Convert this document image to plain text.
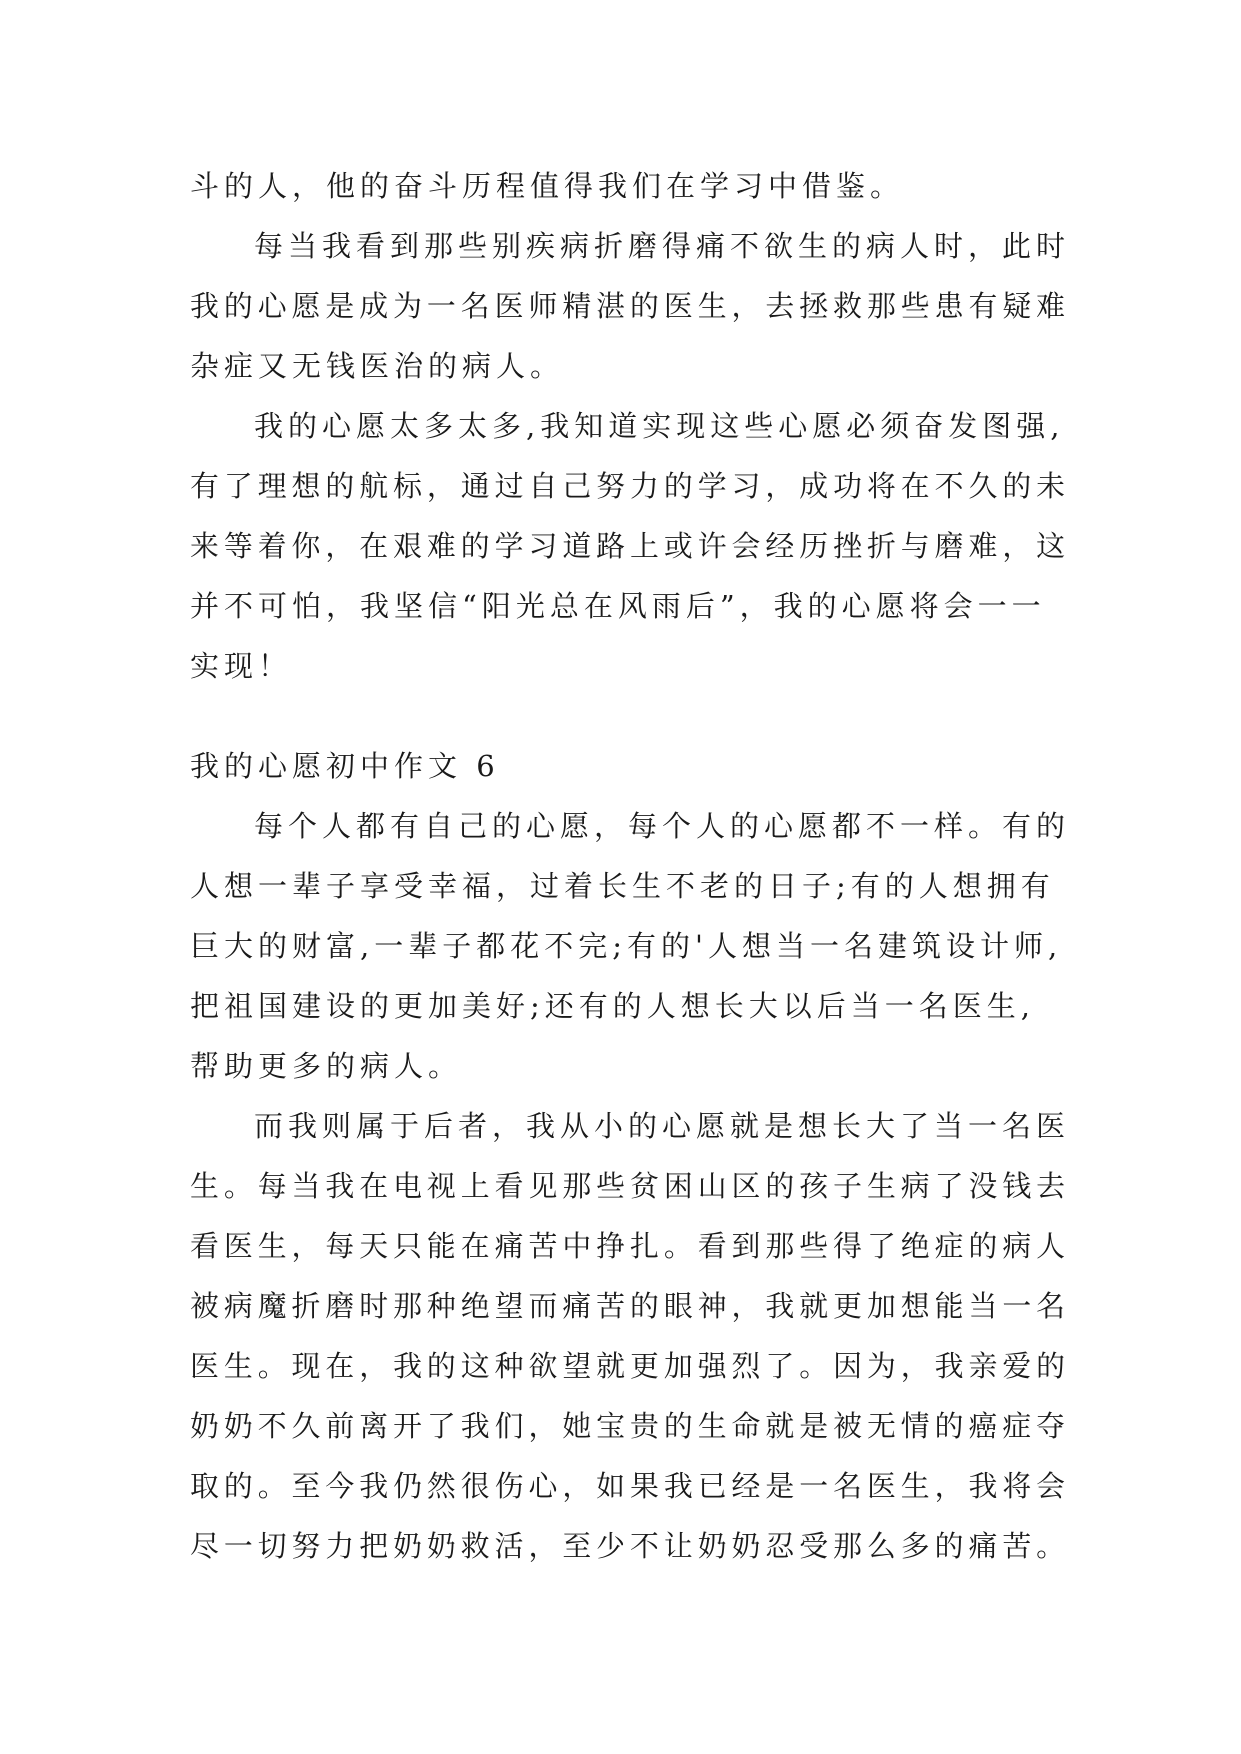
斗的人，他的奋斗历程值得我们在学习中借鉴。
每当我看到那些别疾病折磨得痛不欲生的病人时，此时
我的心愿是成为一名医师精湛的医生，去拯救那些患有疑难
杂症又无钱医治的病人。
我的心愿太多太多,我知道实现这些心愿必须奋发图强,
有了理想的航标，通过自己努力的学习，成功将在不久的未
来等着你，在艰难的学习道路上或许会经历挫折与磨难，这
并不可怕，我坚信“阳光总在风雨后”，我的心愿将会一一
实现！
我的心愿初中作文 6
每个人都有自己的心愿，每个人的心愿都不一样。有的
人想一辈子享受幸福，过着长生不老的日子;有的人想拥有
巨大的财富,一辈子都花不完;有的'人想当一名建筑设计师,
把祖国建设的更加美好;还有的人想长大以后当一名医生,
帮助更多的病人。
而我则属于后者，我从小的心愿就是想长大了当一名医
生。每当我在电视上看见那些贫困山区的孩子生病了没钱去
看医生，每天只能在痛苦中挣扎。看到那些得了绝症的病人
被病魔折磨时那种绝望而痛苦的眼神，我就更加想能当一名
医生。现在，我的这种欲望就更加强烈了。因为，我亲爱的
奶奶不久前离开了我们，她宝贵的生命就是被无情的癌症夺
取的。至今我仍然很伤心，如果我已经是一名医生，我将会
尽一切努力把奶奶救活，至少不让奶奶忍受那么多的痛苦。
